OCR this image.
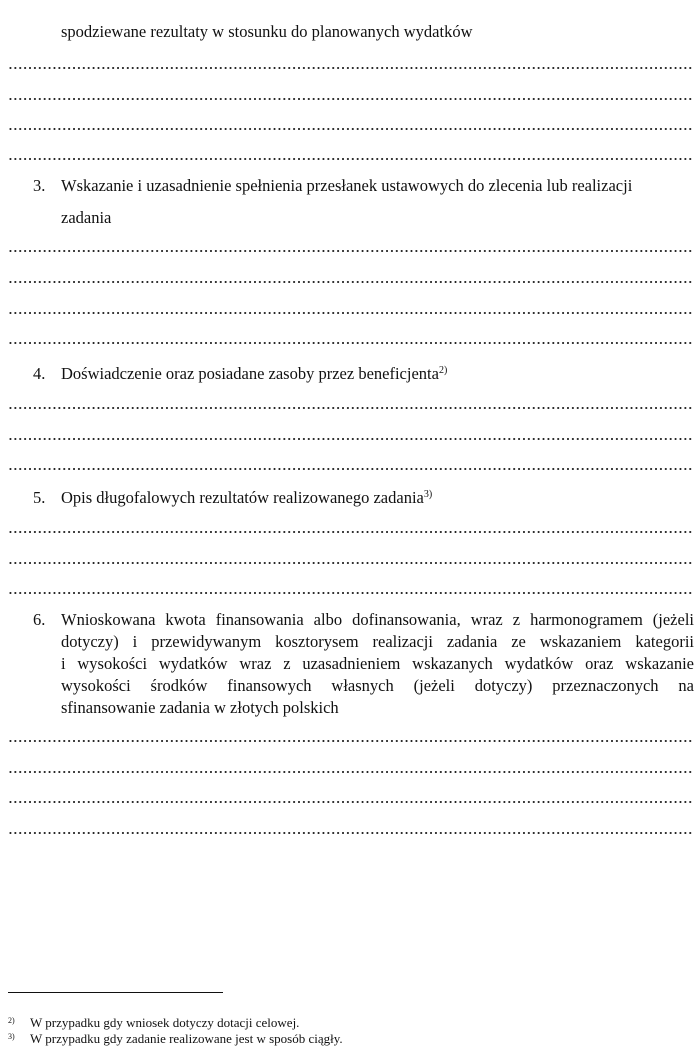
spodziewane rezultaty w stosunku do planowanych wydatków
3. Wskazanie i uzasadnienie spełnienia przesłanek ustawowych do zlecenia lub realizacji
zadania
4. Doświadczenie oraz posiadane zasoby przez beneficjenta$^{2)}$
5. Opis długofalowych rezultatów realizowanego zadania$^{3)}$
6. Wnioskowana kwota finansowania albo dofinansowania, wraz z harmonogramem (jeżeli
dotyczy) i przewidywanym kosztorysem realizacji zadania ze wskazaniem kategorii
i wysokości wydatków wraz z uzasadnieniem wskazanych wydatków oraz wskazanie
wysokości środków finansowych własnych (jeżeli dotyczy) przeznaczonych na
sfinansowanie zadania w złotych polskich
2) W przypadku gdy wniosek dotyczy dotacji celowej.
3) W przypadku gdy zadanie realizowane jest w sposób ciągły.
